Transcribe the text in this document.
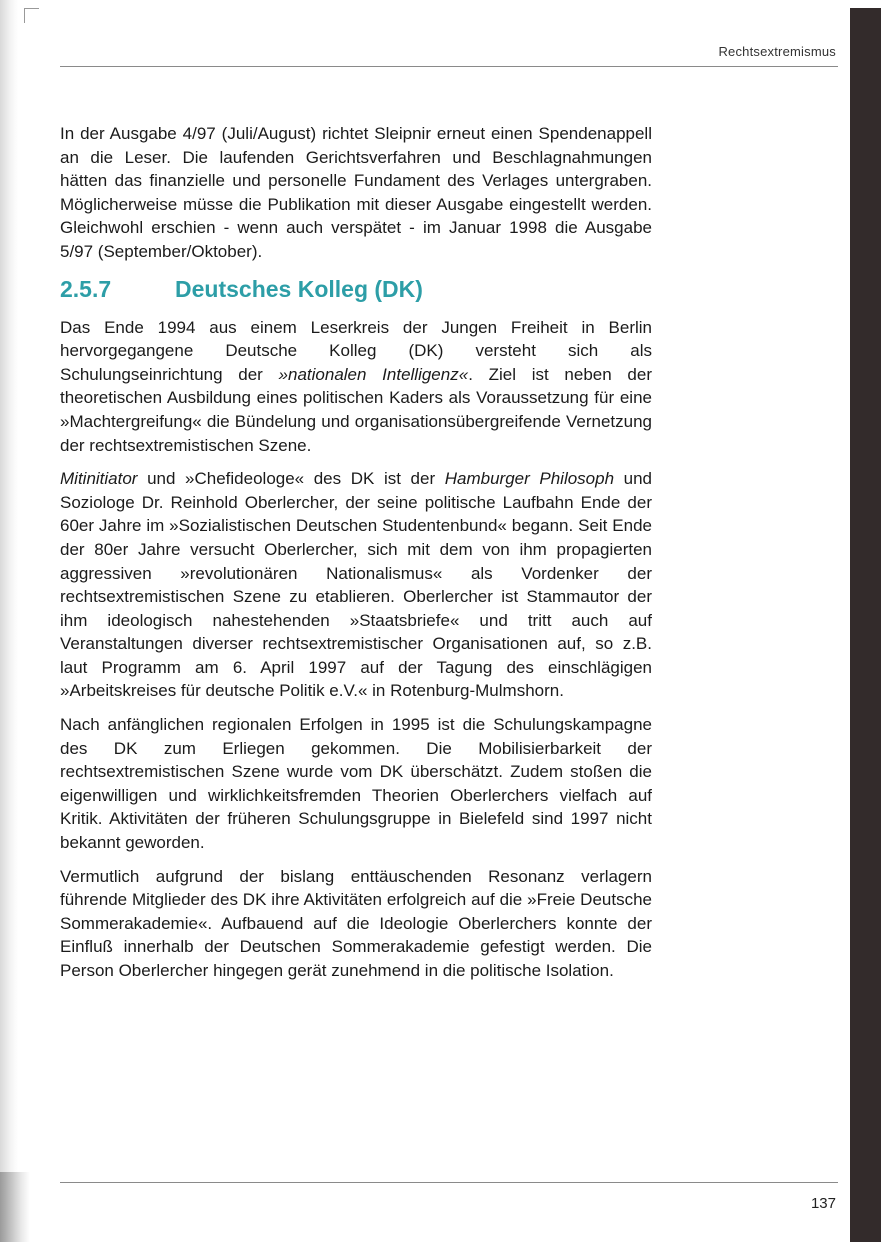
Rechtsextremismus

In der Ausgabe 4/97 (Juli/August) richtet Sleipnir erneut einen Spendenappell an die Leser. Die laufenden Gerichtsverfahren und Beschlagnahmungen hätten das finanzielle und personelle Fundament des Verlages untergraben. Möglicherweise müsse die Publikation mit dieser Ausgabe eingestellt werden. Gleichwohl erschien - wenn auch verspätet - im Januar 1998 die Ausgabe 5/97 (September/Oktober).

2.5.7	Deutsches Kolleg (DK)

Das Ende 1994 aus einem Leserkreis der Jungen Freiheit in Berlin hervorgegangene Deutsche Kolleg (DK) versteht sich als Schulungseinrichtung der »nationalen Intelligenz«. Ziel ist neben der theoretischen Ausbildung eines politischen Kaders als Voraussetzung für eine »Machtergreifung« die Bündelung und organisationsübergreifende Vernetzung der rechtsextremistischen Szene.

Mitinitiator und »Chefideologe« des DK ist der Hamburger Philosoph und Soziologe Dr. Reinhold Oberlercher, der seine politische Laufbahn Ende der 60er Jahre im »Sozialistischen Deutschen Studentenbund« begann. Seit Ende der 80er Jahre versucht Oberlercher, sich mit dem von ihm propagierten aggressiven »revolutionären Nationalismus« als Vordenker der rechtsextremistischen Szene zu etablieren. Oberlercher ist Stammautor der ihm ideologisch nahestehenden »Staatsbriefe« und tritt auch auf Veranstaltungen diverser rechtsextremistischer Organisationen auf, so z.B. laut Programm am 6. April 1997 auf der Tagung des einschlägigen »Arbeitskreises für deutsche Politik e.V.« in Rotenburg-Mulmshorn.

Nach anfänglichen regionalen Erfolgen in 1995 ist die Schulungskampagne des DK zum Erliegen gekommen. Die Mobilisierbarkeit der rechtsextremistischen Szene wurde vom DK überschätzt. Zudem stoßen die eigenwilligen und wirklichkeitsfremden Theorien Oberlerchers vielfach auf Kritik. Aktivitäten der früheren Schulungsgruppe in Bielefeld sind 1997 nicht bekannt geworden.

Vermutlich aufgrund der bislang enttäuschenden Resonanz verlagern führende Mitglieder des DK ihre Aktivitäten erfolgreich auf die »Freie Deutsche Sommerakademie«. Aufbauend auf die Ideologie Oberlerchers konnte der Einfluß innerhalb der Deutschen Sommerakademie gefestigt werden. Die Person Oberlercher hingegen gerät zunehmend in die politische Isolation.

137
